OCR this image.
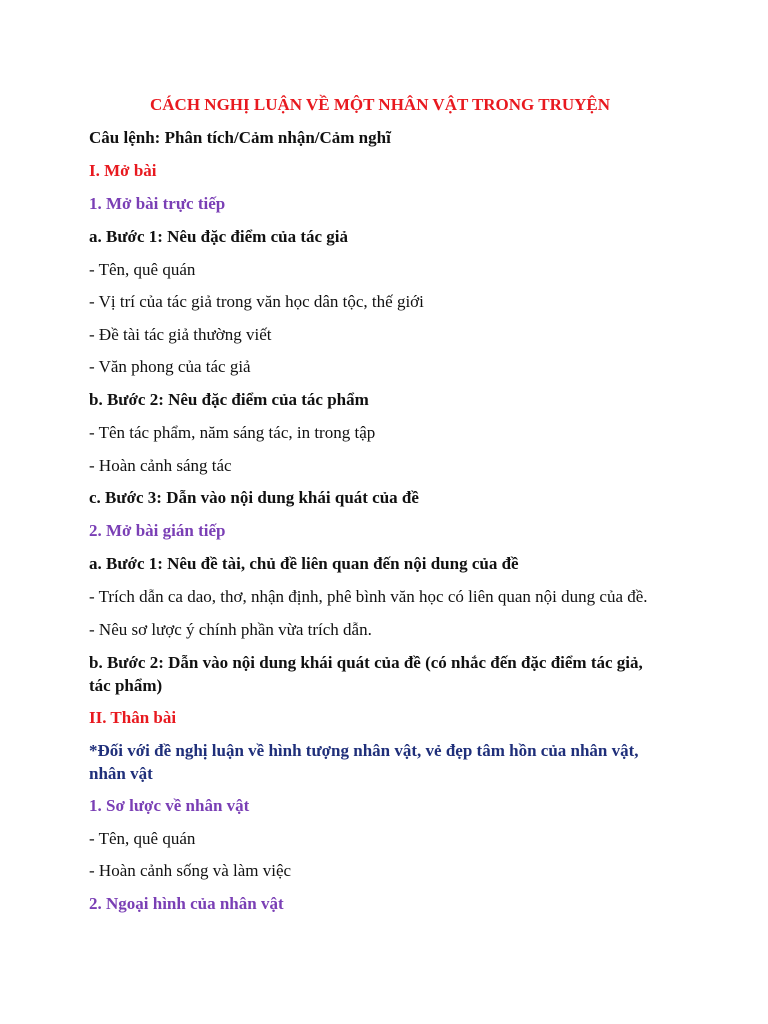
CÁCH NGHỊ LUẬN VỀ MỘT NHÂN VẬT TRONG TRUYỆN
Câu lệnh: Phân tích/Cảm nhận/Cảm nghĩ
I. Mở bài
1. Mở bài trực tiếp
a. Bước 1: Nêu đặc điểm của tác giả
- Tên, quê quán
- Vị trí của tác giả trong văn học dân tộc, thế giới
- Đề tài tác giả thường viết
- Văn phong của tác giả
b. Bước 2: Nêu đặc điểm của tác phẩm
- Tên tác phẩm, năm sáng tác, in trong tập
- Hoàn cảnh sáng tác
c. Bước 3: Dẫn vào nội dung khái quát của đề
2. Mở bài gián tiếp
a. Bước 1: Nêu đề tài, chủ đề liên quan đến nội dung của đề
- Trích dẫn ca dao, thơ, nhận định, phê bình văn học có liên quan nội dung của đề.
- Nêu sơ lược ý chính phần vừa trích dẫn.
b. Bước 2: Dẫn vào nội dung khái quát của đề (có nhắc đến đặc điểm tác giả,
tác phẩm)
II. Thân bài
*Đối với đề nghị luận về hình tượng nhân vật, vẻ đẹp tâm hồn của nhân vật,
nhân vật
1. Sơ lược về nhân vật
- Tên, quê quán
- Hoàn cảnh sống và làm việc
2. Ngoại hình của nhân vật
